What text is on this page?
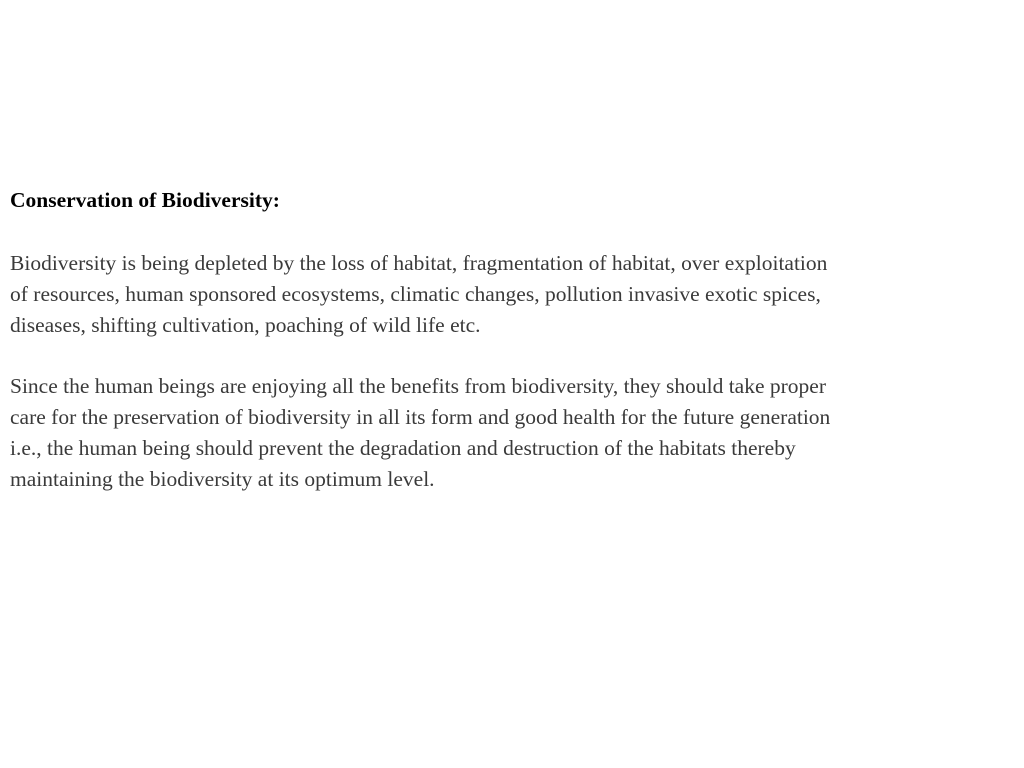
Conservation of Biodiversity:

Biodiversity is being depleted by the loss of habitat, fragmentation of habitat, over exploitation

of resources, human sponsored ecosystems, climatic changes, pollution invasive exotic spices,

diseases, shifting cultivation, poaching of wild life etc.

Since the human beings are enjoying all the benefits from biodiversity, they should take proper

care for the preservation of biodiversity in all its form and good health for the future generation

i.e., the human being should prevent the degradation and destruction of the habitats thereby

maintaining the biodiversity at its optimum level.
